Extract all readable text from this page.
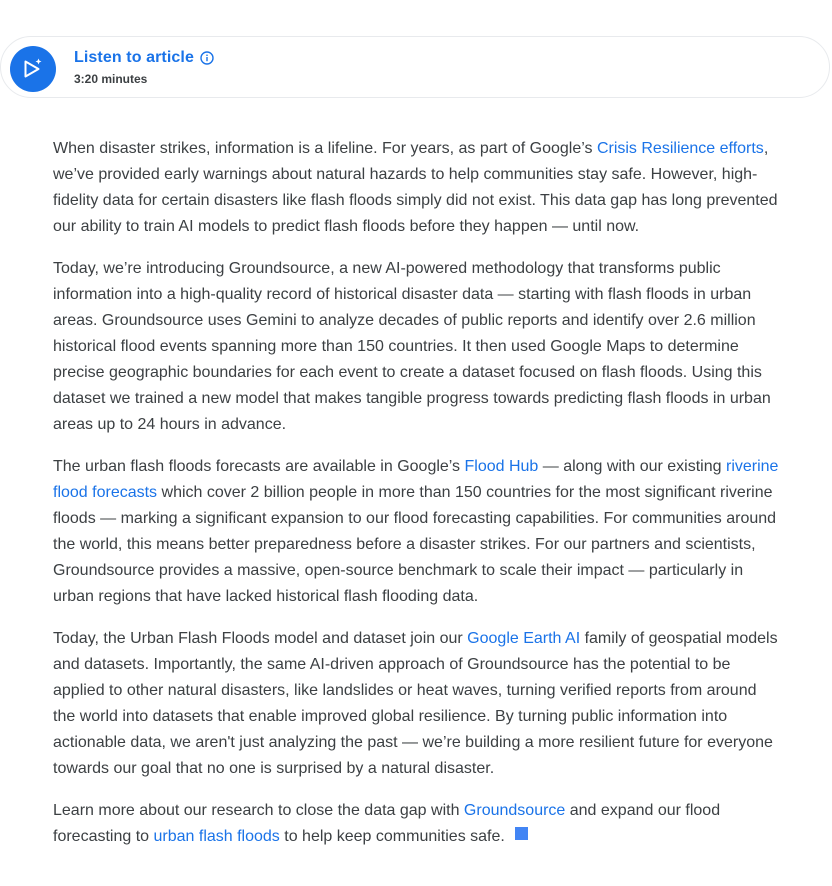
Listen to article
3:20 minutes

When disaster strikes, information is a lifeline. For years, as part of Google’s Crisis Resilience efforts, we’ve provided early warnings about natural hazards to help communities stay safe. However, high-fidelity data for certain disasters like flash floods simply did not exist. This data gap has long prevented our ability to train AI models to predict flash floods before they happen — until now.

Today, we’re introducing Groundsource, a new AI-powered methodology that transforms public information into a high-quality record of historical disaster data — starting with flash floods in urban areas. Groundsource uses Gemini to analyze decades of public reports and identify over 2.6 million historical flood events spanning more than 150 countries. It then used Google Maps to determine precise geographic boundaries for each event to create a dataset focused on flash floods. Using this dataset we trained a new model that makes tangible progress towards predicting flash floods in urban areas up to 24 hours in advance.

The urban flash floods forecasts are available in Google’s Flood Hub — along with our existing riverine flood forecasts which cover 2 billion people in more than 150 countries for the most significant riverine floods — marking a significant expansion to our flood forecasting capabilities. For communities around the world, this means better preparedness before a disaster strikes. For our partners and scientists, Groundsource provides a massive, open-source benchmark to scale their impact — particularly in urban regions that have lacked historical flash flooding data.

Today, the Urban Flash Floods model and dataset join our Google Earth AI family of geospatial models and datasets. Importantly, the same AI-driven approach of Groundsource has the potential to be applied to other natural disasters, like landslides or heat waves, turning verified reports from around the world into datasets that enable improved global resilience. By turning public information into actionable data, we aren't just analyzing the past — we’re building a more resilient future for everyone towards our goal that no one is surprised by a natural disaster.

Learn more about our research to close the data gap with Groundsource and expand our flood forecasting to urban flash floods to help keep communities safe.
